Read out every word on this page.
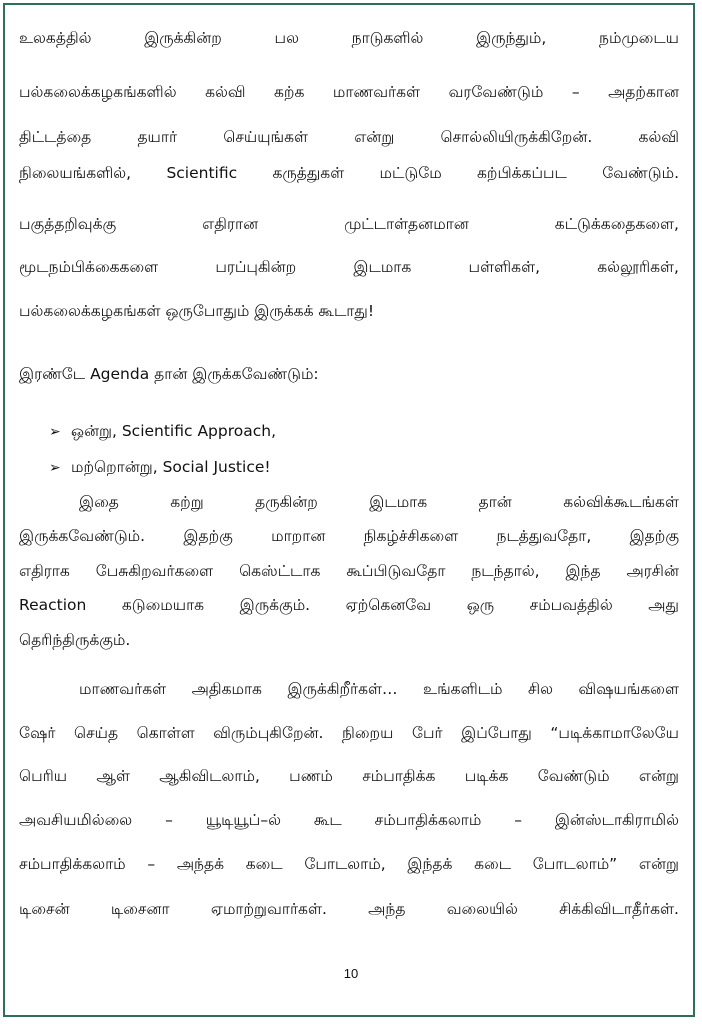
உலகத்தில்	இருக்கின்ற	பல	நாடுகளில்	இருந்தும்,	நம்முடைய
பல்கலைக்கழகங்களில் கல்வி கற்க மாணவர்கள் வரவேண்டும் – அதற்கான
திட்டத்தை	தயார்	செய்யுங்கள்	என்று	சொல்லியிருக்கிறேன்.	கல்வி
நிலையங்களில், Scientific கருத்துகள் மட்டுமே கற்பிக்கப்பட வேண்டும்.
பகுத்தறிவுக்கு	எதிரான	முட்டாள்தனமான	கட்டுக்கதைகளை,
மூடநம்பிக்கைகளை	பரப்புகின்ற	இடமாக	பள்ளிகள்,	கல்லூரிகள்,
பல்கலைக்கழகங்கள் ஒருபோதும் இருக்கக் கூடாது!
இரண்டே Agenda தான் இருக்கவேண்டும்:
➢ ஒன்று, Scientific Approach,
➢ மற்றொன்று, Social Justice!
இதை	கற்று	தருகின்ற	இடமாக	தான்	கல்விக்கூடங்கள்
இருக்கவேண்டும். இதற்கு மாறான நிகழ்ச்சிகளை நடத்துவதோ, இதற்கு
எதிராக பேசுகிறவர்களை கெஸ்ட்டாக கூப்பிடுவதோ நடந்தால், இந்த அரசின்
Reaction கடுமையாக இருக்கும். ஏற்கெனவே ஒரு சம்பவத்தில் அது
தெரிந்திருக்கும்.
மாணவர்கள் அதிகமாக இருக்கிறீர்கள்… உங்களிடம் சில விஷயங்களை
ஷேர் செய்த கொள்ள விரும்புகிறேன். நிறைய பேர் இப்போது “படிக்காமாலேயே
பெரிய ஆள் ஆகிவிடலாம், பணம் சம்பாதிக்க படிக்க வேண்டும் என்று
அவசியமில்லை – யூடியூப்–ல் கூட சம்பாதிக்கலாம் – இன்ஸ்டாகிராமில்
சம்பாதிக்கலாம் – அந்தக் கடை போடலாம், இந்தக் கடை போடலாம்” என்று
டிசைன்	டிசைனா	ஏமாற்றுவார்கள்.	அந்த	வலையில்	சிக்கிவிடாதீர்கள்.
10
